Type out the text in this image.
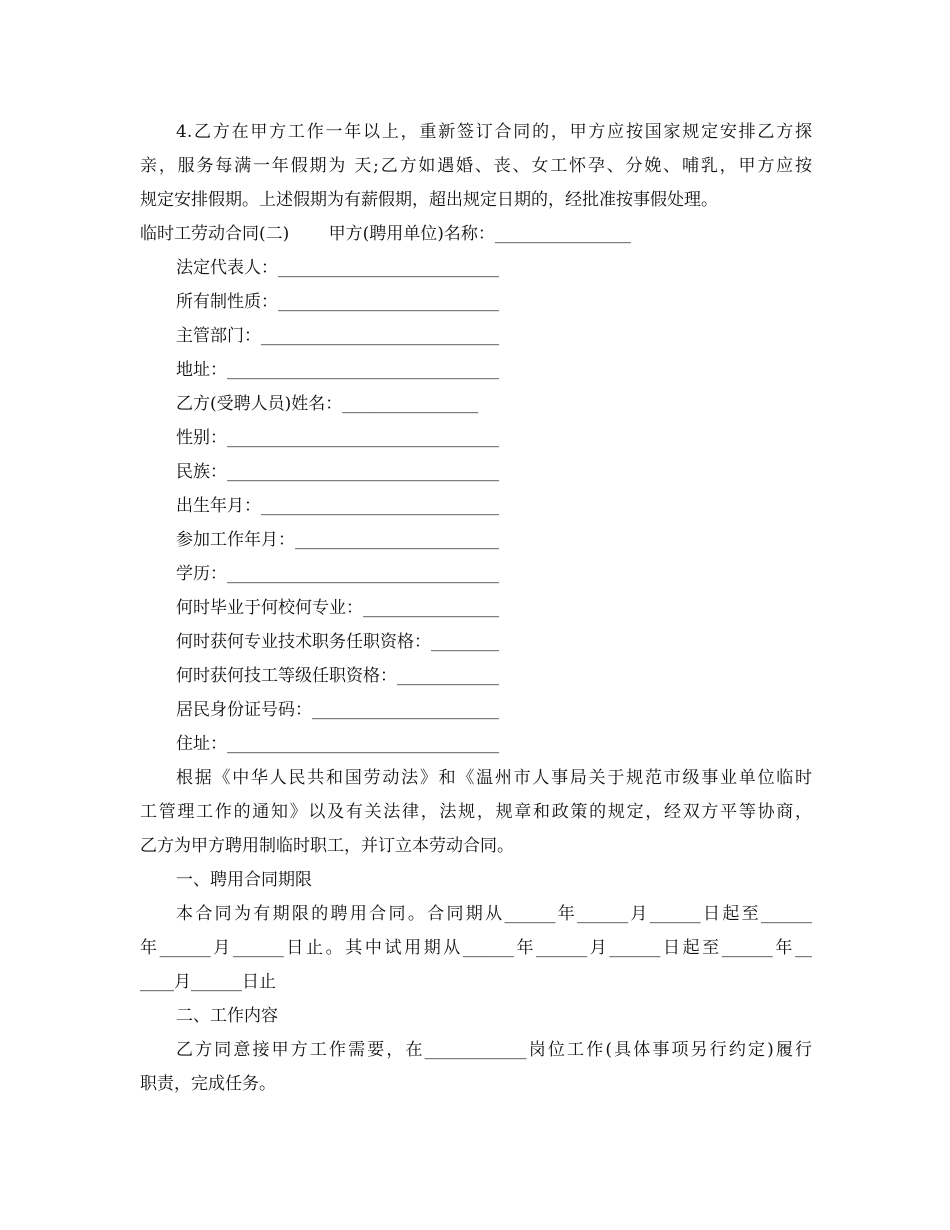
4.乙方在甲方工作一年以上，重新签订合同的，甲方应按国家规定安排乙方探
亲，服务每满一年假期为 天;乙方如遇婚、丧、女工怀孕、分娩、哺乳，甲方应按
规定安排假期。上述假期为有薪假期，超出规定日期的，经批准按事假处理。
临时工劳动合同(二)　　 甲方(聘用单位)名称：________________
法定代表人：__________________________
所有制性质：__________________________
主管部门：____________________________
地址：________________________________
乙方(受聘人员)姓名：________________
性别：________________________________
民族：________________________________
出生年月：____________________________
参加工作年月：________________________
学历：________________________________
何时毕业于何校何专业：________________
何时获何专业技术职务任职资格：________
何时获何技工等级任职资格：____________
居民身份证号码：______________________
住址：________________________________
根据《中华人民共和国劳动法》和《温州市人事局关于规范市级事业单位临时
工管理工作的通知》以及有关法律，法规，规章和政策的规定，经双方平等协商，
乙方为甲方聘用制临时职工，并订立本劳动合同。
一、聘用合同期限
本合同为有期限的聘用合同。合同期从______年______月______日起至______
年______月______日止。其中试用期从______年______月______日起至______年__
____月______日止
二、工作内容
乙方同意接甲方工作需要，在____________岗位工作(具体事项另行约定)履行
职责，完成任务。
